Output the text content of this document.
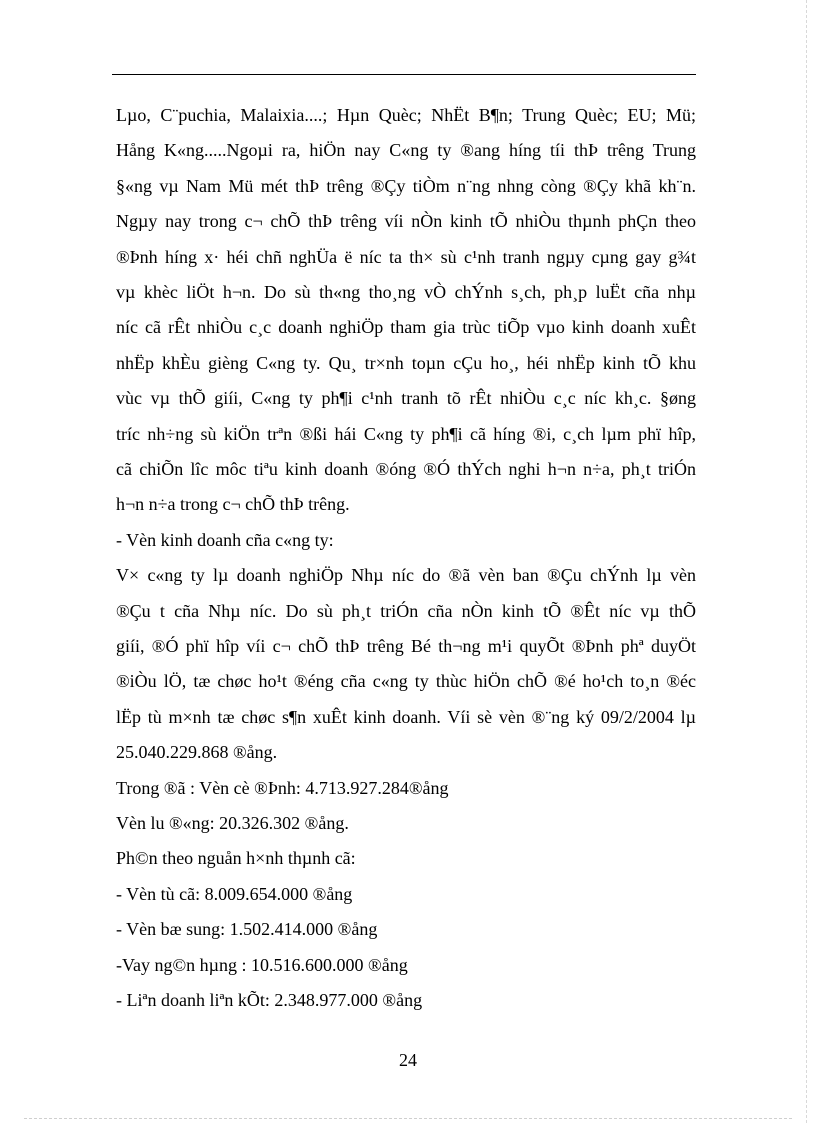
Lµo, C¨puchia, Malaixia....; Hµn Quèc; NhËt B¶n; Trung Quèc; EU; Mü;
Hång K«ng.....Ngoµi ra, hiÖn nay C«ng ty ®ang híng tíi thÞ trêng Trung
§«ng vµ Nam Mü mét thÞ trêng ®Çy tiÒm n¨ng nhng còng ®Çy khã kh¨n.
Ngµy nay trong c¬ chÕ thÞ trêng víi nÒn kinh tÕ nhiÒu thµnh phÇn theo
®Þnh híng x· héi chñ nghÜa ë níc ta th× sù c¹nh tranh ngµy cµng gay g¾t
vµ khèc liÖt h¬n. Do sù th«ng tho¸ng vÒ chÝnh s¸ch, ph¸p luËt cña nhµ
níc cã rÊt nhiÒu c¸c doanh nghiÖp tham gia trùc tiÕp vµo kinh doanh xuÊt
nhËp khÈu gièng C«ng ty. Qu¸ tr×nh toµn cÇu ho¸, héi nhËp kinh tÕ khu
vùc vµ thÕ giíi, C«ng ty ph¶i c¹nh tranh tõ rÊt nhiÒu c¸c níc kh¸c. §øng
tríc nh÷ng sù kiÖn trªn ®ßi hái C«ng ty ph¶i cã híng ®i, c¸ch lµm phï hîp,
cã chiÕn lîc môc tiªu kinh doanh ®óng ®Ó thÝch nghi h¬n n÷a, ph¸t triÓn
h¬n n÷a trong c¬ chÕ thÞ trêng.
- Vèn kinh doanh cña c«ng ty:
V× c«ng ty lµ doanh nghiÖp Nhµ níc do ®ã vèn ban ®Çu chÝnh lµ vèn
®Çu t cña Nhµ níc. Do sù ph¸t triÓn cña nÒn kinh tÕ ®Êt níc vµ thÕ
giíi, ®Ó phï hîp víi c¬ chÕ thÞ trêng Bé th¬ng m¹i quyÕt ®Þnh phª duyÖt
®iÒu lÖ, tæ chøc ho¹t ®éng cña c«ng ty thùc hiÖn chÕ ®é ho¹ch to¸n ®éc
lËp tù m×nh tæ chøc s¶n xuÊt kinh doanh. Víi sè vèn ®¨ng ký 09/2/2004 lµ
25.040.229.868 ®ång.
Trong ®ã : Vèn cè ®Þnh: 4.713.927.284®ång
Vèn lu ®«ng: 20.326.302 ®ång.
Ph©n theo nguån h×nh thµnh cã:
- Vèn tù cã: 8.009.654.000 ®ång
- Vèn bæ sung: 1.502.414.000 ®ång
-Vay ng©n hµng : 10.516.600.000 ®ång
- Liªn doanh liªn kÕt: 2.348.977.000 ®ång
24
